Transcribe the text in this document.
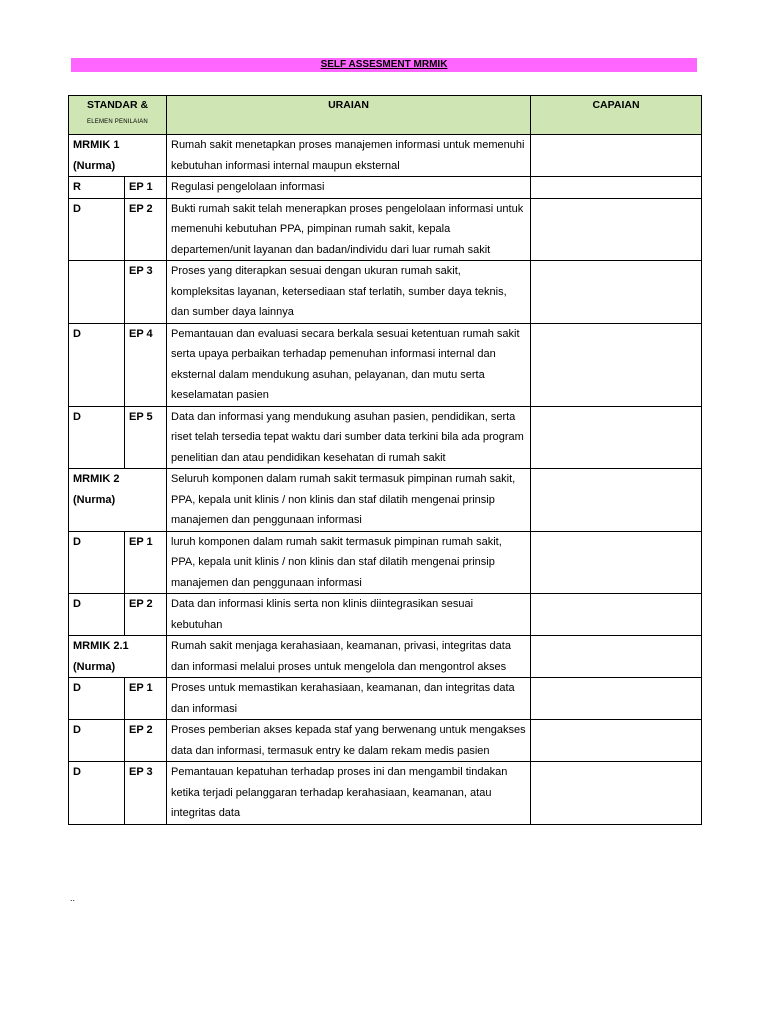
SELF ASSESMENT MRMIK
STANDAR &
ELEMEN PENILAIAN		URAIAN	CAPAIAN

MRMIK 1
(Nurma)		Rumah sakit menetapkan proses manajemen informasi untuk memenuhi kebutuhan informasi internal maupun eksternal	
R	EP 1	Regulasi pengelolaan informasi	
D	EP 2	Bukti rumah sakit telah menerapkan proses pengelolaan informasi untuk memenuhi kebutuhan PPA, pimpinan rumah sakit, kepala departemen/unit layanan dan badan/individu dari luar rumah sakit	
	EP 3	Proses yang diterapkan sesuai dengan ukuran rumah sakit, kompleksitas layanan, ketersediaan staf terlatih, sumber daya teknis, dan sumber daya lainnya	
D	EP 4	Pemantauan dan evaluasi secara berkala sesuai ketentuan rumah sakit serta upaya perbaikan terhadap pemenuhan informasi internal dan eksternal dalam mendukung asuhan, pelayanan, dan mutu serta keselamatan pasien	
D	EP 5	Data dan informasi yang mendukung asuhan pasien, pendidikan, serta riset telah tersedia tepat waktu dari sumber data terkini bila ada program penelitian dan atau pendidikan kesehatan di rumah sakit	

MRMIK 2
(Nurma)		Seluruh komponen dalam rumah sakit termasuk pimpinan rumah sakit, PPA, kepala unit klinis / non klinis dan staf dilatih mengenai prinsip manajemen dan penggunaan informasi	
D	EP 1	luruh komponen dalam rumah sakit termasuk pimpinan rumah sakit, PPA, kepala unit klinis / non klinis dan staf dilatih mengenai prinsip manajemen dan penggunaan informasi	
D	EP 2	Data dan informasi klinis serta non klinis diintegrasikan sesuai kebutuhan	

MRMIK 2.1
(Nurma)		Rumah sakit menjaga kerahasiaan, keamanan, privasi, integritas data dan informasi melalui proses untuk mengelola dan mengontrol akses	
D	EP 1	Proses untuk memastikan kerahasiaan, keamanan, dan integritas data dan informasi	
D	EP 2	Proses pemberian akses kepada staf yang berwenang untuk mengakses data dan informasi, termasuk entry ke dalam rekam medis pasien	
D	EP 3	Pemantauan kepatuhan terhadap proses ini dan mengambil tindakan ketika terjadi pelanggaran terhadap kerahasiaan, keamanan, atau integritas data	
..
